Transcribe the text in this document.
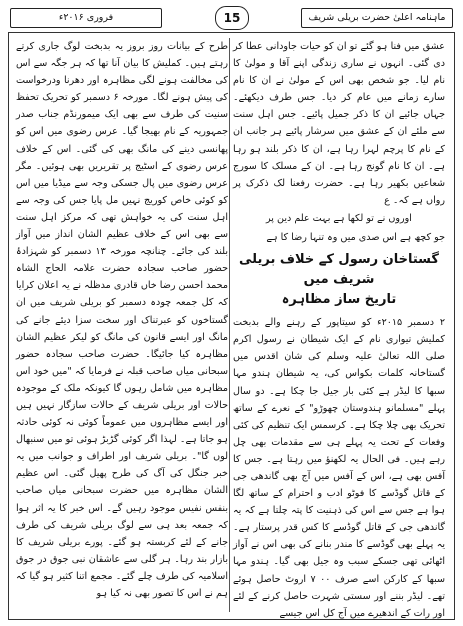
ماہنامہ اعلیٰ حضرت بریلی شریف
15
فروری ۲۰۱۶ء

عشق میں فنا ہو گئے تو ان کو حیات جاودانی عطا کر دی گئی۔ انہوں نے ساری زندگی اپنے آقا و مولیٰ کا نام لیا۔ جو شخص بھی اس کے مولیٰ نے ان کا نام سارے زمانے میں عام کر دیا۔ جس طرف دیکھئے۔ جہاں جائیے ان کا ذکر جمیل پائیے۔ جس اہل سنت سے ملئے ان کے عشق میں سرشار پائیے ہر جانب ان کے نام کا پرچم لہرا رہا ہے، ان کا ذکر بلند ہو رہا ہے۔ ان کا نام گونج رہا ہے۔ ان کے مسلک کا سورج شعاعیں بکھیر رہا ہے۔ حضرت رفعنا لک ذکرک پر رواں ہے کہ۔ ع

اوروں نے تو لکھا ہے بہت علم دین پر

جو کچھ ہے اس صدی میں وہ تنہا رضا کا ہے

گستاخان رسول کے خلاف بریلی شریف میں

تاریخ ساز مظاہرہ

۲ دسمبر ۲۰۱۵ء کو سیتاپور کے رہنے والے بدبخت کملیش تیواری نام کے ایک شیطان نے رسول اکرم صلی اللہ تعالیٰ علیہ وسلم کی شان اقدس میں گستاخانہ کلمات بکواس کی، یہ شیطان ہندو مہا سبھا کا لیڈر ہے کئی بار جیل جا چکا ہے۔ دو سال پہلے "مسلمانو ہندوستان چھوڑو" کے نعرے کے ساتھ تحریک بھی چلا چکا ہے۔ کرسمس ایک تنظیم کی کئی وفعات کے تحت یہ پہلے ہی سے مقدمات بھی چل رہے ہیں۔ فی الحال یہ لکھنؤ میں رہتا ہے۔ جس کا آفس بھی ہے، اس کے آفس میں آج بھی گاندھی جی کے قاتل گوڈسے کا فوٹو ادب و احترام کے ساتھ لگا ہوا ہے جس سے اس کی ذہنیت کا پتہ چلتا ہے کہ یہ گاندھی جی کے قاتل گوڈسے کا کس قدر پرستار ہے۔ یہ پہلے بھی گوڈسے کا مندر بنانے کی بھی اس نے آواز اٹھائی تھی جسکے سبب وہ جیل بھی گیا۔ ہندو مہا سبھا کے کارکن اسے صرف ۰۰ ۷ اروٹ حاصل ہوئے تھے۔ لیڈر بننے اور سستی شہرت حاصل کرنے کے لئے اور رات کے اندھیرے میں آج کل اس جیسے

طرح کے بیانات روز بروز یہ بدبخت لوگ جاری کرتے رہتے ہیں۔ کملیش کا بیان آنا تھا کہ ہر جگہ سے اس کی مخالفت ہونے لگی مظاہرہ اور دھرنا ودرخواست کی پیش ہونے لگا۔ مورخہ ۶ دسمبر کو تحریک تحفظ سنیت کی طرف سے بھی ایک میمورنڈم جناب صدر جمہوریہ کے نام بھیجا گیا۔ عرس رضوی میں اس کو پھانسی دینے کی مانگ بھی کی گئی۔ اس کے خلاف عرس رضوی کے اسٹیج پر تقریریں بھی ہوئیں۔ مگر عرس رضوی میں پال جسکی وجہ سے میڈیا میں اس کو کوئی خاص کوریج نہیں مل پایا جس کی وجہ سے اہل سنت کی یہ خواہش تھی کہ مرکز اہل سنت سے بھی اس کے خلاف عظیم الشان انداز میں آواز بلند کی جائے۔ چنانچہ مورخہ ۱۳ دسمبر کو شہزادۂ حضور صاحب سجادہ حضرت علامہ الحاج الشاہ محمد احسن رضا خاں قادری مدظلہ نے یہ اعلان کرایا کہ کل جمعہ چودہ دسمبر کو بریلی شریف میں ان گستاخوں کو عبرتناک اور سخت سزا دیئے جانے کی مانگ اور ایسے قانون کی مانگ کو لیکر عظیم الشان مظاہرہ کیا جائیگا۔ حضرت صاحب سجادہ حضور سبحانی میاں صاحب قبلہ نے فرمایا کہ "میں خود اس مظاہرہ میں شامل رہوں گا کیونکہ ملک کے موجودہ حالات اور بریلی شریف کے حالات سازگار نہیں ہیں اور ایسے مظاہروں میں عموماً کوئی نہ کوئی حادثہ ہو جاتا ہے۔ لہذا اگر کوئی گڑبڑ ہوئی تو میں سنبھال لوں گا"۔ بریلی شریف اور اطراف و جوانب میں یہ خبر جنگل کی آگ کی طرح پھیل گئی۔ اس عظیم الشان مظاہرہ میں حضرت سبحانی میاں صاحب بنفس نفیس موجود رہیں گے۔ اس خبر کا یہ اثر ہوا کہ جمعہ بعد ہی سے لوگ بریلی شریف کی طرف جانے کے لئے کربستہ ہو گئے۔ پورے بریلی شریف کا بازار بند رہا۔ ہر گلی سے عاشقان نبی جوق در جوق اسلامیہ کی طرف چلے گئے۔ مجمع اتنا کثیر ہو گیا کہ ہم نے اس کا تصور بھی نہ کیا ہو
